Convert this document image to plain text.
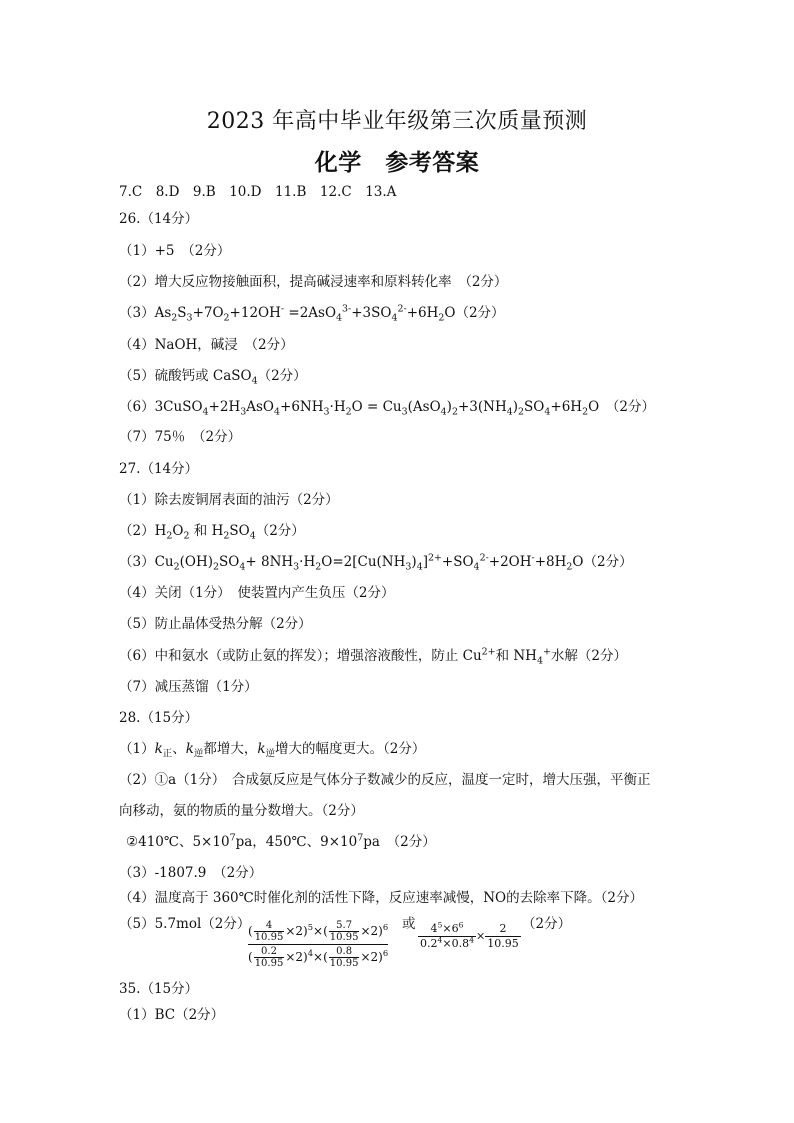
2023 年高中毕业年级第三次质量预测
化学　参考答案
7.C　8.D　9.B　10.D　11.B　12.C　13.A
26.（14分）
（1）+5　（2分）
（2）增大反应物接触面积，提高碱浸速率和原料转化率　（2分）
（4）NaOH，碱浸　（2分）
（7）75％　（2分）
27.（14分）
（1）除去废铜屑表面的油污（2分）
（4）关闭（1分）　使装置内产生负压（2分）
（5）防止晶体受热分解（2分）
（7）减压蒸馏（1分）
28.（15分）
向移动，氨的物质的量分数增大。（2分）
（3）-1807.9　（2分）
（4）温度高于 360℃时催化剂的活性下降，反应速率减慢，NO的去除率下降。（2分）
35.（15分）
（1）BC（2分）
$(3)As_2S_3+7O_2+12OH^- =2AsO_4^{3-}+3SO_4^{2-}+6H_2O(2$分）
（5）硫酸钙或 CaSO$_4$（2分）
$(6)3CuSO_4+2H_3AsO_4+6NH_3\cdot H_2O = Cu_3(AsO_4)_2+3(NH_4)_2SO_4+6H_2O$　（2分）
$(2)H_2O_2$ 和 $H_2SO_4(2$分）
$(3)Cu_2(OH)_2SO_4+ 8NH_3\cdot H_2O=2[Cu(NH_3)_4]^{2+}+SO_4^{2-}+2OH^-+8H_2O(2$分）
（6）中和氨水（或防止氨的挥发）；增强溶液酸性，防止 $Cu^{2+}$和 $NH_4^+$水解（2分）
$(1)k_正$、$k_逆$都增大，$k_逆$增大的幅度更大。（2分）
（2）①a（1分）　合成氨反应是气体分子数减少的反应，温度一定时，增大压强，平衡正
②410℃、$5\times 10^7pa$，450℃、$9\times 10^7pa$　（2分）
（5）5.7mol（2分）
( $\frac{4}{10.95} \times 2)^5\times( \frac{5.7}{10.95} \times 2)^6$
( $\frac{0.2}{10.95} \times 2)^4\times( \frac{0.8}{10.95} \times 2)^6$
或 $\frac{4^5\times 6^6}{0.2^4\times 0.8^4} \times \frac{2}{10.95} (2$分）
